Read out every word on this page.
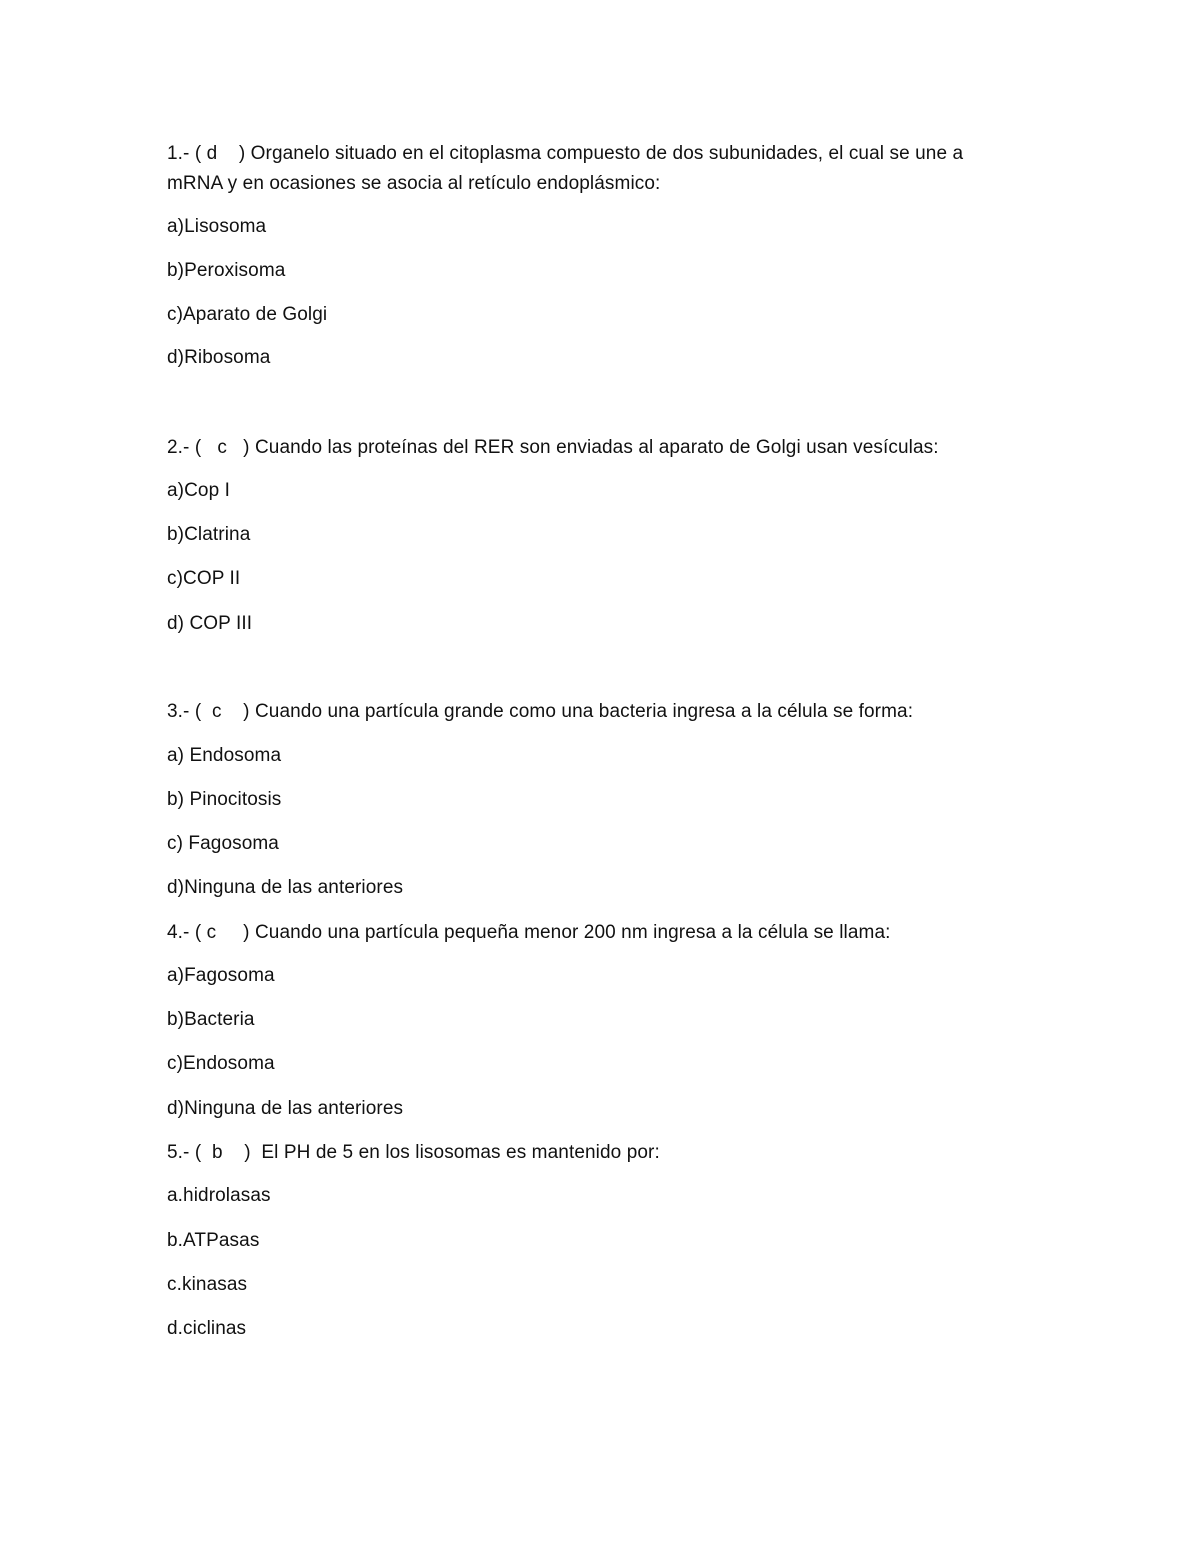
1.- ( d    ) Organelo situado en el citoplasma compuesto de dos subunidades, el cual se une a
mRNA y en ocasiones se asocia al retículo endoplásmico:
a)Lisosoma
b)Peroxisoma
c)Aparato de Golgi
d)Ribosoma
2.- (   c   ) Cuando las proteínas del RER son enviadas al aparato de Golgi usan vesículas:
a)Cop I
b)Clatrina
c)COP II
d) COP III
3.- (  c    ) Cuando una partícula grande como una bacteria ingresa a la célula se forma:
a) Endosoma
b) Pinocitosis
c) Fagosoma
d)Ninguna de las anteriores
4.- ( c     ) Cuando una partícula pequeña menor 200 nm ingresa a la célula se llama:
a)Fagosoma
b)Bacteria
c)Endosoma
d)Ninguna de las anteriores
5.- (  b    )  El PH de 5 en los lisosomas es mantenido por:
a.hidrolasas
b.ATPasas
c.kinasas
d.ciclinas
